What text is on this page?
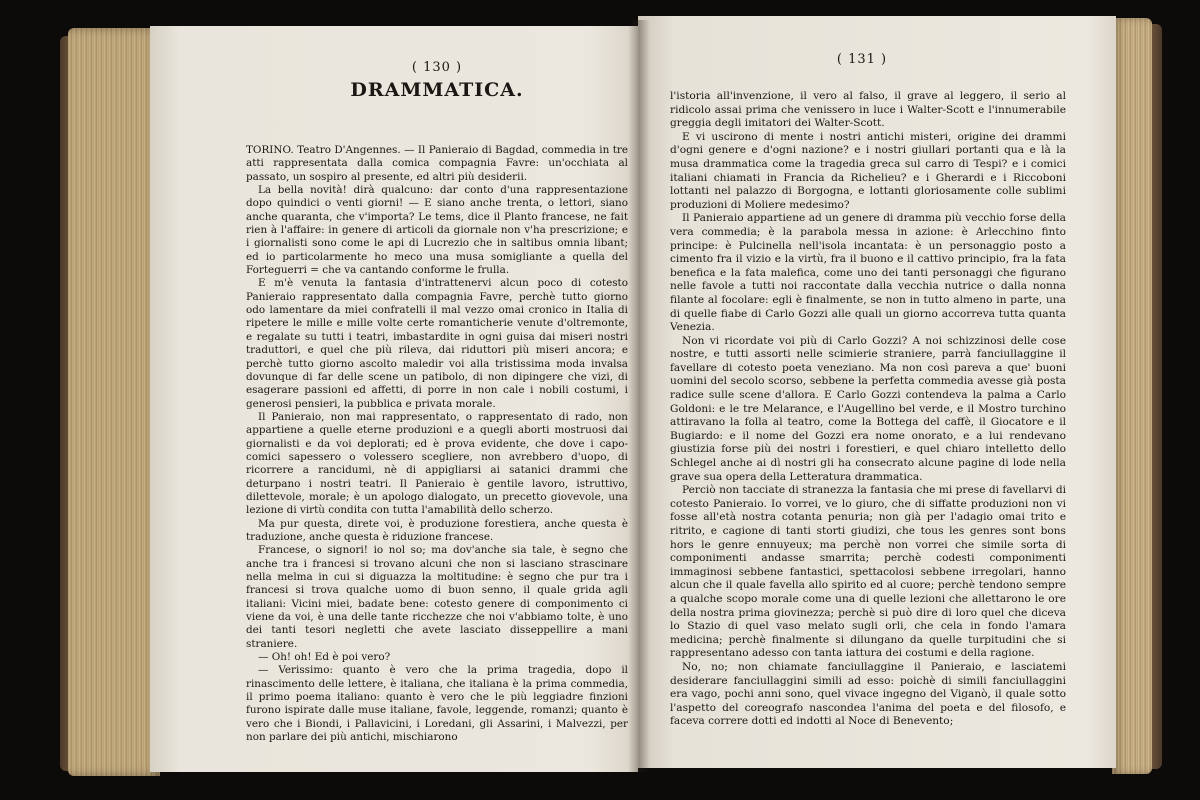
( 130 )
DRAMMATICA.

TORINO. Teatro D'Angennes. — Il Panieraio di Bagdad, commedia in tre atti rappresentata dalla comica compagnia Favre: un'occhiata al passato, un sospiro al presente, ed altri più desiderii.

La bella novità! dirà qualcuno: dar conto d'una rappresentazione dopo quindici o venti giorni! — E siano anche trenta, o lettori, siano anche quaranta, che v'importa? Le tems, dice il Planto francese, ne fait rien à l'affaire: in genere di articoli da giornale non v'ha prescrizione; e i giornalisti sono come le api di Lucrezio che in saltibus omnia libant; ed io particolarmente ho meco una musa somigliante a quella del Forteguerri = che va cantando conforme le frulla.

E m'è venuta la fantasia d'intrattenervi alcun poco di cotesto Panieraio rappresentato dalla compagnia Favre, perchè tutto giorno odo lamentare da miei confratelli il mal vezzo omai cronico in Italia di ripetere le mille e mille volte certe romanticherie venute d'oltremonte, e regalate su tutti i teatri, imbastardite in ogni guisa dai miseri nostri traduttori, e quel che più rileva, dai riduttori più miseri ancora; e perchè tutto giorno ascolto maledir voi alla tristissima moda invalsa dovunque di far delle scene un patibolo, di non dipingere che vizi, di esagerare passioni ed affetti, di porre in non cale i nobili costumi, i generosi pensieri, la pubblica e privata morale.

Il Panieraio, non mai rappresentato, o rappresentato di rado, non appartiene a quelle eterne produzioni e a quegli aborti mostruosi dai giornalisti e da voi deplorati; ed è prova evidente, che dove i capo-comici sapessero o volessero scegliere, non avrebbero d'uopo, di ricorrere a rancidumi, nè di appigliarsi ai satanici drammi che deturpano i nostri teatri. Il Panieraio è gentile lavoro, istruttivo, dilettevole, morale; è un apologo dialogato, un precetto giovevole, una lezione di virtù condita con tutta l'amabilità dello scherzo.

Ma pur questa, direte voi, è produzione forestiera, anche questa è traduzione, anche questa è riduzione francese.

Francese, o signori! io nol so; ma dov'anche sia tale, è segno che anche tra i francesi si trovano alcuni che non si lasciano strascinare nella melma in cui si diguazza la moltitudine: è segno che pur tra i francesi si trova qualche uomo di buon senno, il quale grida agli italiani: Vicini miei, badate bene: cotesto genere di componimento ci viene da voi, è una delle tante ricchezze che noi v'abbiamo tolte, è uno dei tanti tesori negletti che avete lasciato disseppellire a mani straniere.

— Oh! oh! Ed è poi vero?

— Verissimo: quanto è vero che la prima tragedia, dopo il rinascimento delle lettere, è italiana, che italiana è la prima commedia, il primo poema italiano: quanto è vero che le più leggiadre finzioni furono ispirate dalle muse italiane, favole, leggende, romanzi; quanto è vero che i Biondi, i Pallavicini, i Loredani, gli Assarini, i Malvezzi, per non parlare dei più antichi, mischiarono

( 131 )

l'istoria all'invenzione, il vero al falso, il grave al leggero, il serio al ridicolo assai prima che venissero in luce i Walter-Scott e l'innumerabile greggia degli imitatori dei Walter-Scott.

E vi uscirono di mente i nostri antichi misteri, origine dei drammi d'ogni genere e d'ogni nazione? e i nostri giullari portanti qua e là la musa drammatica come la tragedia greca sul carro di Tespi? e i comici italiani chiamati in Francia da Richelieu? e i Gherardi e i Riccoboni lottanti nel palazzo di Borgogna, e lottanti gloriosamente colle sublimi produzioni di Moliere medesimo?

Il Panieraio appartiene ad un genere di dramma più vecchio forse della vera commedia; è la parabola messa in azione: è Arlecchino finto principe: è Pulcinella nell'isola incantata: è un personaggio posto a cimento fra il vizio e la virtù, fra il buono e il cattivo principio, fra la fata benefica e la fata malefica, come uno dei tanti personaggi che figurano nelle favole a tutti noi raccontate dalla vecchia nutrice o dalla nonna filante al focolare: egli è finalmente, se non in tutto almeno in parte, una di quelle fiabe di Carlo Gozzi alle quali un giorno accorreva tutta quanta Venezia.

Non vi ricordate voi più di Carlo Gozzi? A noi schizzinosi delle cose nostre, e tutti assorti nelle scimierie straniere, parrà fanciullaggine il favellare di cotesto poeta veneziano. Ma non così pareva a que' buoni uomini del secolo scorso, sebbene la perfetta commedia avesse già posta radice sulle scene d'allora. E Carlo Gozzi contendeva la palma a Carlo Goldoni: e le tre Melarance, e l'Augellino bel verde, e il Mostro turchino attiravano la folla al teatro, come la Bottega del caffè, il Giocatore e il Bugiardo: e il nome del Gozzi era nome onorato, e a lui rendevano giustizia forse più dei nostri i forestieri, e quel chiaro intelletto dello Schlegel anche ai dì nostri gli ha consecrato alcune pagine di lode nella grave sua opera della Letteratura drammatica.

Perciò non tacciate di stranezza la fantasia che mi prese di favellarvi di cotesto Panieraio. Io vorrei, ve lo giuro, che di siffatte produzioni non vi fosse all'età nostra cotanta penuria; non già per l'adagio omai trito e ritrito, e cagione di tanti storti giudizi, che tous les genres sont bons hors le genre ennuyeux; ma perchè non vorrei che simile sorta di componimenti andasse smarrita; perchè codesti componimenti immaginosi sebbene fantastici, spettacolosi sebbene irregolari, hanno alcun che il quale favella allo spirito ed al cuore; perchè tendono sempre a qualche scopo morale come una di quelle lezioni che allettarono le ore della nostra prima giovinezza; perchè si può dire di loro quel che diceva lo Stazio di quel vaso melato sugli orli, che cela in fondo l'amara medicina; perchè finalmente si dilungano da quelle turpitudini che si rappresentano adesso con tanta iattura dei costumi e della ragione.

No, no; non chiamate fanciullaggine il Panieraio, e lasciatemi desiderare fanciullaggini simili ad esso: poichè di simili fanciullaggini era vago, pochi anni sono, quel vivace ingegno del Viganò, il quale sotto l'aspetto del coreografo nascondea l'anima del poeta e del filosofo, e faceva correre dotti ed indotti al Noce di Benevento;
